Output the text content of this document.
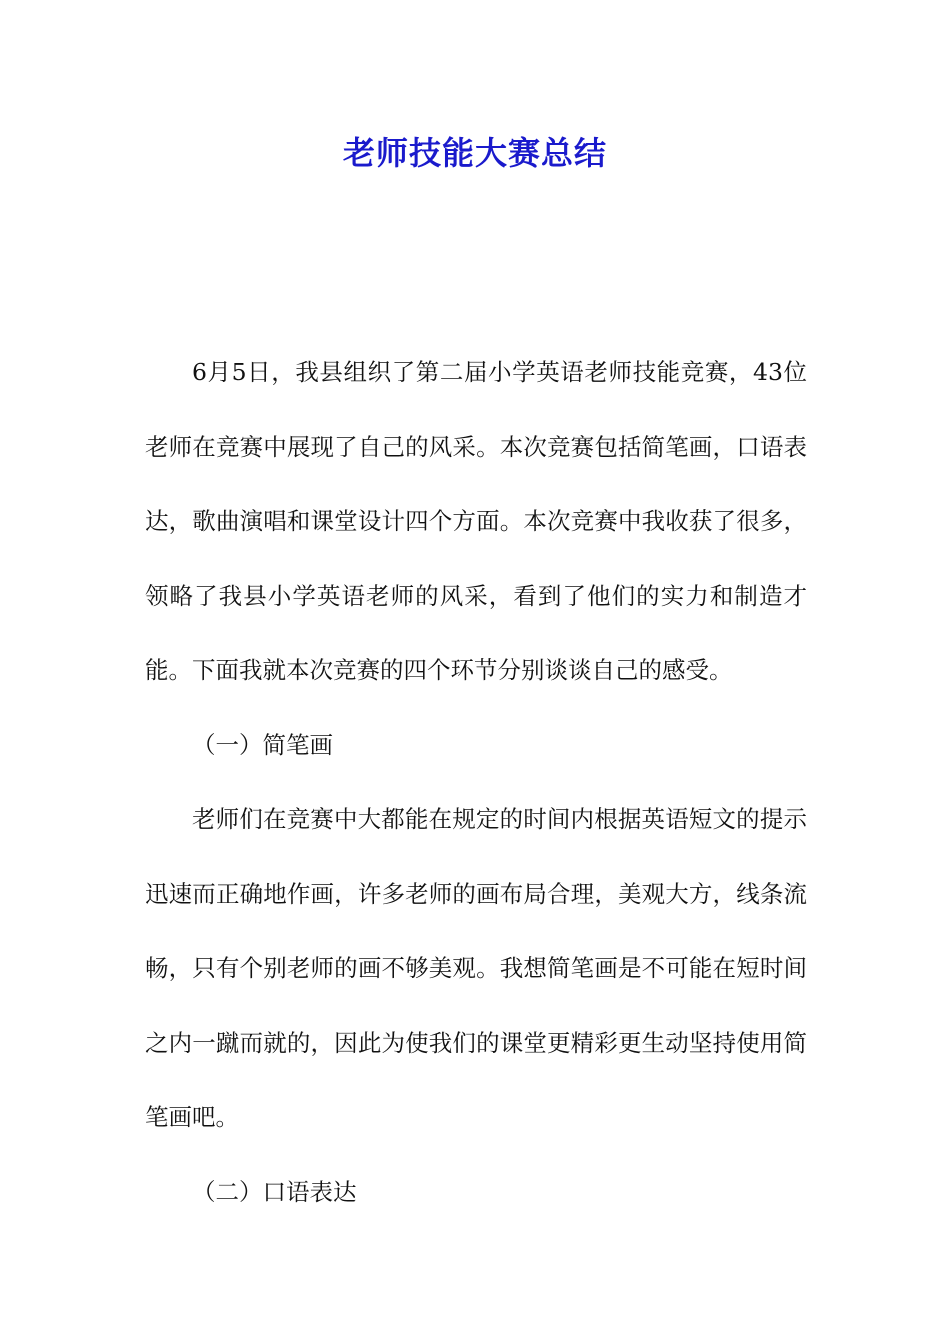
老师技能大赛总结

6月5日，我县组织了第二届小学英语老师技能竞赛，43位老师在竞赛中展现了自己的风采。本次竞赛包括简笔画，口语表达，歌曲演唱和课堂设计四个方面。本次竞赛中我收获了很多，领略了我县小学英语老师的风采，看到了他们的实力和制造才能。下面我就本次竞赛的四个环节分别谈谈自己的感受。

（一）简笔画

老师们在竞赛中大都能在规定的时间内根据英语短文的提示迅速而正确地作画，许多老师的画布局合理，美观大方，线条流畅，只有个别老师的画不够美观。我想简笔画是不可能在短时间之内一蹴而就的，因此为使我们的课堂更精彩更生动坚持使用简笔画吧。

（二）口语表达
